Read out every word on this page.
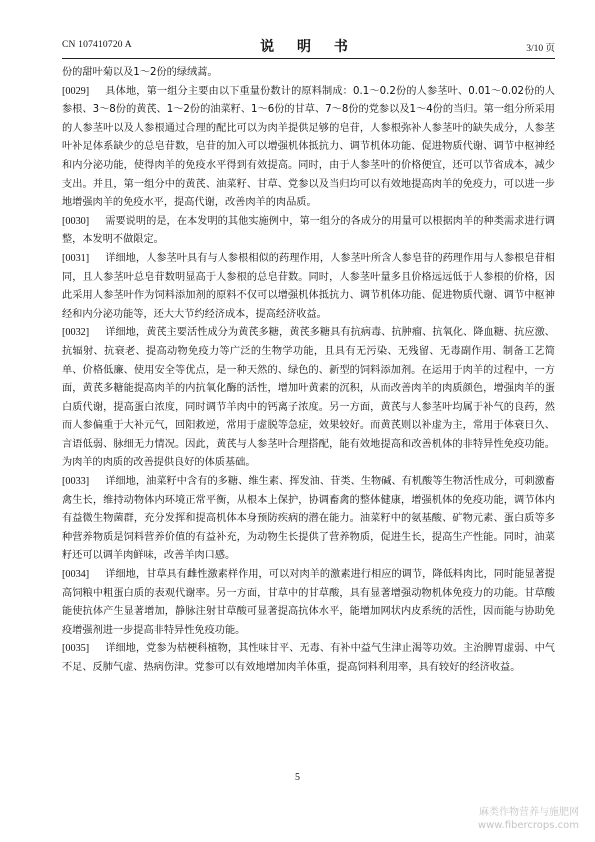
CN 107410720 A	说 明 书	3/10 页

份的甜叶菊以及1～2份的绿绒蒿。

[0029] 具体地，第一组分主要由以下重量份数计的原料制成：0.1～0.2份的人参茎叶、0.01～0.02份的人参根、3～8份的黄芪、1～2份的油菜籽、1～6份的甘草、7～8份的党参以及1～4份的当归。第一组分所采用的人参茎叶以及人参根通过合理的配比可以为肉羊提供足够的皂苷，人参根弥补人参茎叶的缺失成分，人参茎叶补足体系缺少的总皂苷数，皂苷的加入可以增强机体抵抗力、调节机体功能、促进物质代谢、调节中枢神经和内分泌功能，使得肉羊的免疫水平得到有效提高。同时，由于人参茎叶的价格便宜，还可以节省成本，减少支出。并且，第一组分中的黄芪、油菜籽、甘草、党参以及当归均可以有效地提高肉羊的免疫力，可以进一步地增强肉羊的免疫水平，提高代谢，改善肉羊的肉品质。

[0030] 需要说明的是，在本发明的其他实施例中，第一组分的各成分的用量可以根据肉羊的种类需求进行调整，本发明不做限定。

[0031] 详细地，人参茎叶具有与人参根相似的药理作用，人参茎叶所含人参皂苷的药理作用与人参根皂苷相同，且人参茎叶总皂苷数明显高于人参根的总皂苷数。同时，人参茎叶量多且价格远远低于人参根的价格，因此采用人参茎叶作为饲料添加剂的原料不仅可以增强机体抵抗力、调节机体功能、促进物质代谢、调节中枢神经和内分泌功能等，还大大节约经济成本，提高经济收益。

[0032] 详细地，黄芪主要活性成分为黄芪多糖，黄芪多糖具有抗病毒、抗肿瘤、抗氧化、降血糖、抗应激、抗辐射、抗衰老、提高动物免疫力等广泛的生物学功能，且具有无污染、无残留、无毒副作用、制备工艺简单、价格低廉、使用安全等优点，是一种天然的、绿色的、新型的饲料添加剂。在运用于肉羊的过程中，一方面，黄芪多糖能提高肉羊的内抗氧化酶的活性，增加叶黄素的沉积，从而改善肉羊的肉质颜色，增强肉羊的蛋白质代谢，提高蛋白浓度，同时调节羊肉中的钙离子浓度。另一方面，黄芪与人参茎叶均属于补气的良药，然而人参偏重于大补元气，回阳救逆，常用于虚脱等急症，效果较好。而黄芪则以补虚为主，常用于体衰日久、言语低弱、脉细无力情况。因此，黄芪与人参茎叶合理搭配，能有效地提高和改善机体的非特异性免疫功能。为肉羊的肉质的改善提供良好的体质基础。

[0033] 详细地，油菜籽中含有的多糖、维生素、挥发油、苷类、生物碱、有机酸等生物活性成分，可刺激畜禽生长，维持动物体内环境正常平衡，从根本上保护，协调畜禽的整体健康，增强机体的免疫功能，调节体内有益微生物菌群，充分发挥和提高机体本身预防疾病的潜在能力。油菜籽中的氨基酸、矿物元素、蛋白质等多种营养物质是饲料营养价值的有益补充，为动物生长提供了营养物质，促进生长，提高生产性能。同时，油菜籽还可以调羊肉鲜味，改善羊肉口感。

[0034] 详细地，甘草具有雌性激素样作用，可以对肉羊的激素进行相应的调节，降低料肉比，同时能显著提高饲粮中粗蛋白质的表观代谢率。另一方面，甘草中的甘草酸，具有显著增强动物机体免疫力的功能。甘草酸能使抗体产生显著增加，静脉注射甘草酸可显著提高抗体水平，能增加网状内皮系统的活性，因而能与协助免疫增强剂进一步提高非特异性免疫功能。

[0035] 详细地，党参为桔梗科植物，其性味甘平、无毒、有补中益气生津止渴等功效。主治脾胃虚弱、中气不足、反肺气虚、热病伤津。党参可以有效地增加肉羊体重，提高饲料利用率，具有较好的经济收益。

5
麻类作物营养与施肥网
www.fibercrops.com
